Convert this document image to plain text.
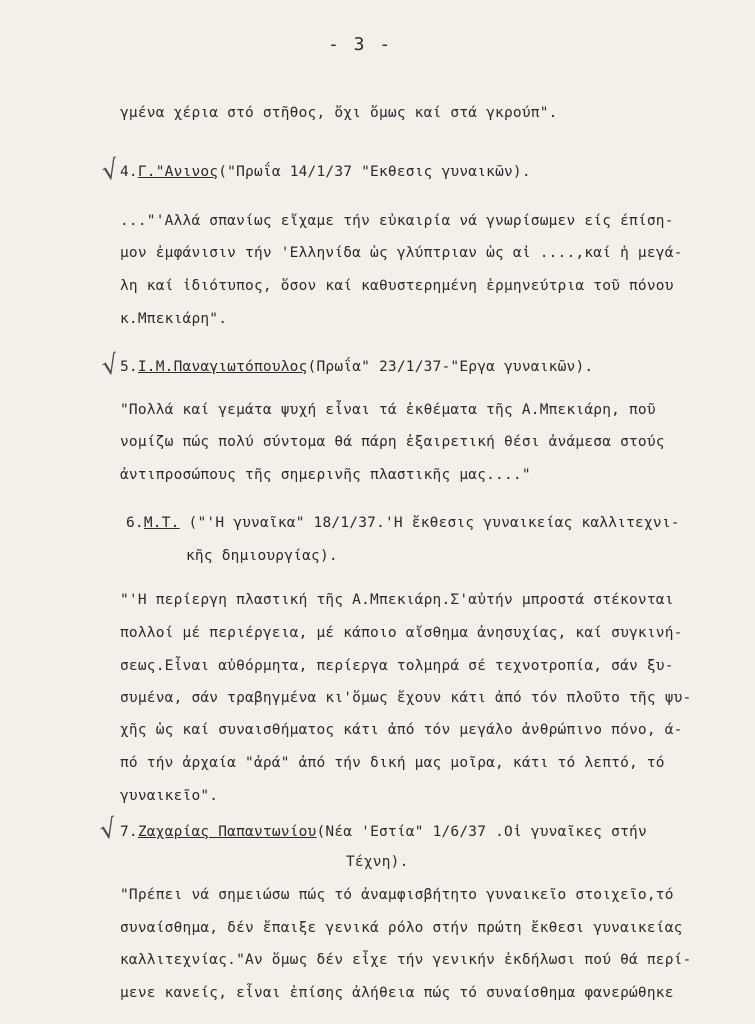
- 3 -
γμένα χέρια στό στῆθος, ὄχι ὅμως καί στά γκρούπ".
√
4.Γ."Ανινος("Πρωΐα 14/1/37 "Εκθεσις γυναικῶν).
..."'Αλλά σπανίως εἴχαμε τήν εὐκαιρία νά γνωρίσωμεν είς έπίση-
μον ἐμφάνισιν τήν 'Ελληνίδα ὡς γλύπτριαν ὡς αἰ ....,καί ἡ μεγά-
λη καί ἰδιότυπος, ὅσον καί καθυστερημένη ἑρμηνεύτρια τοῦ πόνου
κ.Μπεκιάρη".
√
5.Ι.Μ.Παναγιωτόπουλος(Πρωΐα" 23/1/37-"Εργα γυναικῶν).
"Πολλά καί γεμάτα ψυχή εἶναι τά ἐκθέματα τῆς Α.Μπεκιάρη, ποῦ
νομίζω πώς πολύ σύντομα θά πάρη ἐξαιρετική θέσι ἀνάμεσα στούς
ἀντιπροσώπους τῆς σημερινῆς πλαστικῆς μας...."
6.Μ.Τ. ("'Η γυναῖκα" 18/1/37.'Η ἔκθεσις γυναικείας καλλιτεχνι-
κῆς δημιουργίας).
"'Η περίεργη πλαστική τῆς Α.Μπεκιάρη.Σ'αὐτήν μπροστά στέκονται
πολλοί μέ περιέργεια, μέ κάποιο αἴσθημα ἀνησυχίας, καί συγκινή-
σεως.Εἶναι αὐθόρμητα, περίεργα τολμηρά σέ τεχνοτροπία, σάν ξυ-
συμένα, σάν τραβηγμένα κι'ὅμως ἔχουν κάτι ἀπό τόν πλοῦτο τῆς ψυ-
χῆς ὡς καί συναισθήματος κάτι ἀπό τόν μεγάλο ἀνθρώπινο πόνο, ά-
πό τήν ἀρχαία "ἀρά" ἀπό τήν δική μας μοῖρα, κάτι τό λεπτό, τό
γυναικεῖο".
√ 7.Ζαχαρίας Παπαντωνίου(Νέα 'Εστία" 1/6/37 .Οἱ γυναῖκες στήν
Τέχνη).
"Πρέπει νά σημειώσω πώς τό ἀναμφισβήτητο γυναικεῖο στοιχεῖο,τό
συναίσθημα, δέν ἔπαιξε γενικά ρόλο στήν πρώτη ἔκθεσι γυναικείας
καλλιτεχνίας."Αν ὅμως δέν εἶχε τήν γενικήν ἐκδήλωσι πού θά περί-
μενε κανείς, εἶναι ἐπίσης ἀλήθεια πώς τό συναίσθημα φανερώθηκε
